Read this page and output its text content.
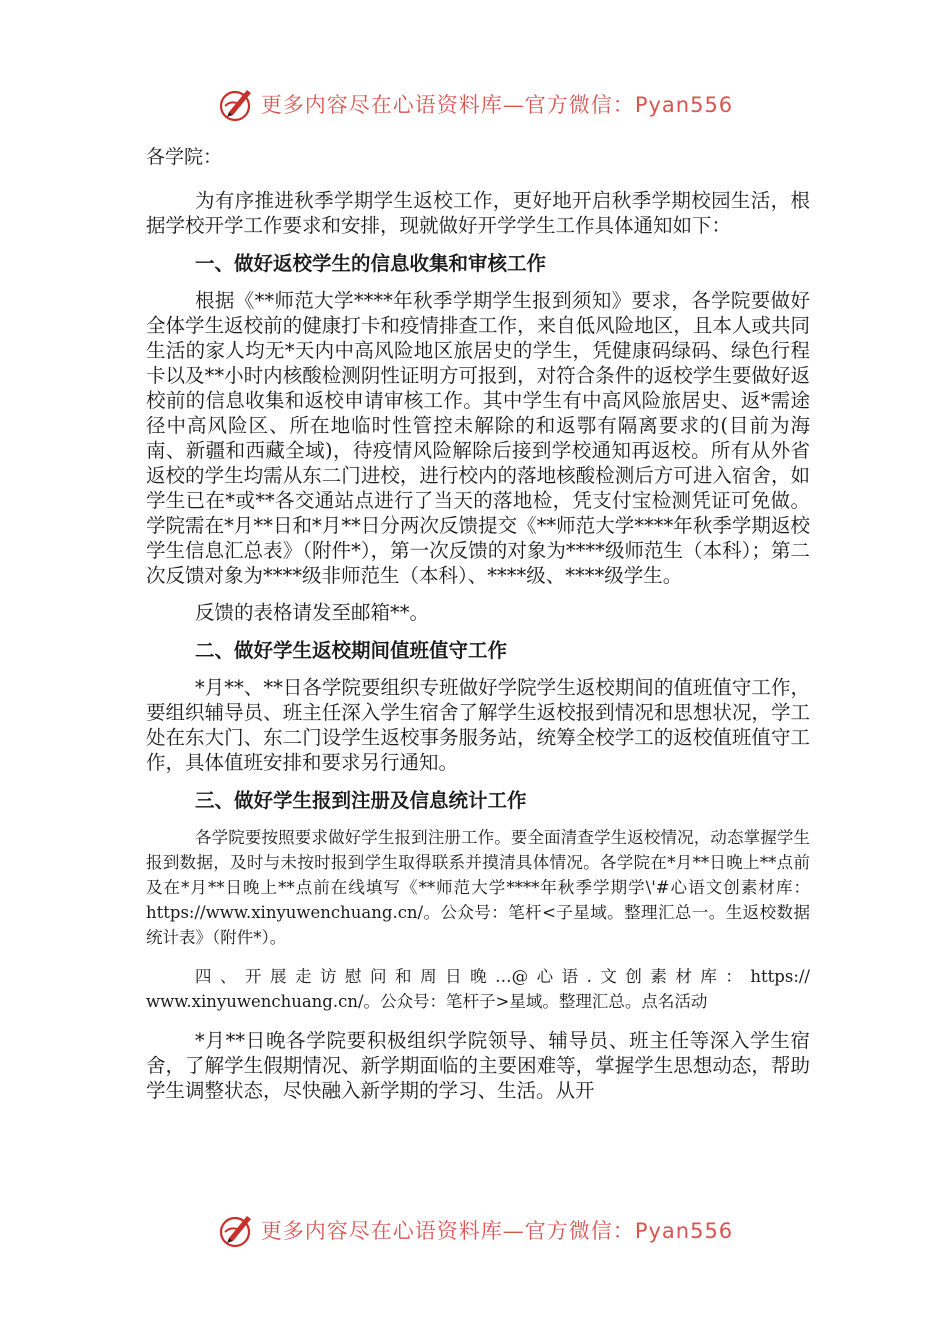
更多内容尽在心语资料库—官方微信：Pyan556

各学院：

为有序推进秋季学期学生返校工作，更好地开启秋季学期校园生活，根据学校开学工作要求和安排，现就做好开学学生工作具体通知如下：

一、做好返校学生的信息收集和审核工作

根据《**师范大学****年秋季学期学生报到须知》要求，各学院要做好全体学生返校前的健康打卡和疫情排查工作，来自低风险地区，且本人或共同生活的家人均无*天内中高风险地区旅居史的学生，凭健康码绿码、绿色行程卡以及**小时内核酸检测阴性证明方可报到，对符合条件的返校学生要做好返校前的信息收集和返校申请审核工作。其中学生有中高风险旅居史、返*需途径中高风险区、所在地临时性管控未解除的和返鄂有隔离要求的(目前为海南、新疆和西藏全域)，待疫情风险解除后接到学校通知再返校。所有从外省返校的学生均需从东二门进校，进行校内的落地核酸检测后方可进入宿舍，如学生已在*或**各交通站点进行了当天的落地检，凭支付宝检测凭证可免做。学院需在*月**日和*月**日分两次反馈提交《**师范大学****年秋季学期返校学生信息汇总表》（附件*），第一次反馈的对象为****级师范生（本科）；第二次反馈对象为****级非师范生（本科）、****级、****级学生。

反馈的表格请发至邮箱**。

二、做好学生返校期间值班值守工作

*月**、**日各学院要组织专班做好学院学生返校期间的值班值守工作，要组织辅导员、班主任深入学生宿舍了解学生返校报到情况和思想状况，学工处在东大门、东二门设学生返校事务服务站，统筹全校学工的返校值班值守工作，具体值班安排和要求另行通知。

三、做好学生报到注册及信息统计工作

各学院要按照要求做好学生报到注册工作。要全面清查学生返校情况，动态掌握学生报到数据，及时与未按时报到学生取得联系并摸清具体情况。各学院在*月**日晚上**点前及在*月**日晚上**点前在线填写《**师范大学****年秋季学期学\'#心语文创素材库：https://www.xinyuwenchuang.cn/。公众号：笔杆<子星域。整理汇总一。生返校数据统计表》（附件*）。

四、开展走访慰问和周日晚…@心语.文创素材库：https:// www.xinyuwenchuang.cn/。公众号：笔杆子>星域。整理汇总。点名活动

*月**日晚各学院要积极组织学院领导、辅导员、班主任等深入学生宿舍，了解学生假期情况、新学期面临的主要困难等，掌握学生思想动态，帮助学生调整状态，尽快融入新学期的学习、生活。从开

更多内容尽在心语资料库—官方微信：Pyan556
